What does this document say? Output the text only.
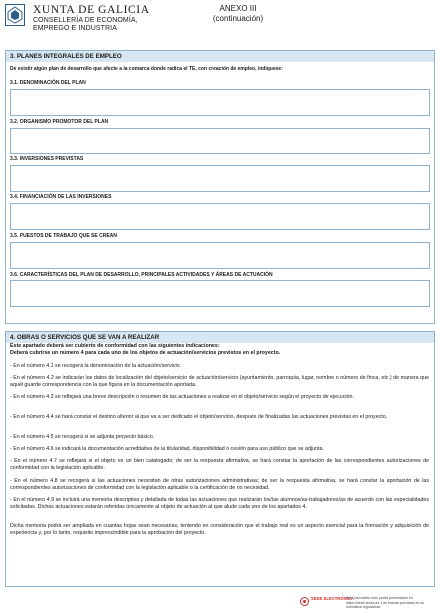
XUNTA DE GALICIA
CONSELLERÍA DE ECONOMÍA,
EMPREGO E INDUSTRIA
ANEXO III
(continuación)
3. PLANES INTEGRALES DE EMPLEO
De existir algún plan de desarrollo que afecte a la comarca donde radica el TE, con creación de empleo, indíquese:
3.1. DENOMINACIÓN DEL PLAN
3.2. ORGANISMO PROMOTOR DEL PLAN
3.3. INVERSIONES PREVISTAS
3.4. FINANCIACIÓN DE LAS INVERSIONES
3.5. PUESTOS DE TRABAJO QUE SE CREAN
3.6. CARACTERÍSTICAS DEL PLAN DE DESARROLLO, PRINCIPALES ACTIVIDADES Y ÁREAS DE ACTUACIÓN
4. OBRAS O SERVICIOS QUE SE VAN A REALIZAR
Este apartado deberá ser cubierto de conformidad con las siguientes indicaciones:
Deberá cubrirse un número 4 para cada uno de los objetos de actuación/servicios previstos en el proyecto.
- En el número 4.1 se recogerá la denominación de la actuación/servicio.
- En el número 4.2 se indicarán los datos de localización del objeto/servicio de actuación/servicio (ayuntamiento, parroquia, lugar, nombre o número de finca, etc.) de manera que aquél guarde correspondencia con la que figura en la documentación aportada.
- En el número 4.3 se reflejará una breve descripción o resumen de las actuaciones a realizar en el objeto/servicio según el proyecto de ejecución.
- En el número 4.4 se hará constar el destino ulterior al que va a ser dedicado el objeto/servicio, después de finalizadas las actuaciones previstas en el proyecto.
- En el número 4.5 se recogerá si se adjunta proyecto básico.
- En el número 4.6 se indicará la documentación acreditativa de la titularidad, disponibilidad o cesión para uso público que se adjunta.
- En el número 4.7 se reflejará si el objeto es un bien catalogado; de ser la respuesta afirmativa, se hará constar la aportación de las correspondientes autorizaciones de conformidad con la legislación aplicable.
- En el número 4.8 se recogerá si las actuaciones necesitan de otras autorizaciones administrativas; de ser la respuesta afirmativa, se hará constar la aportación de las correspondientes autorizaciones de conformidad con la legislación aplicable o la certificación de no necesidad.
- En el número 4.9 se incluirá una memoria descriptiva y detallada de todas las actuaciones que realizarán los/las alumnos/as-trabajadores/as de acuerdo con las especialidades solicitadas. Dichas actuaciones estarán referidas únicamente al objeto de actuación al que alude cada uno de los apartados 4.
Dicha memoria podrá ser ampliada en cuantas hojas sean necesarias, teniendo en consideración que el trabajo real es un aspecto esencial para la formación y adquisición de experiencia y, por lo tanto, requisito imprescindible para la aprobación del proyecto.
SEDE ELECTRÓNICA
Este formulario sólo podrá presentarse en https://sede.xunta.es. Las formas previstas en su normativa reguladora
